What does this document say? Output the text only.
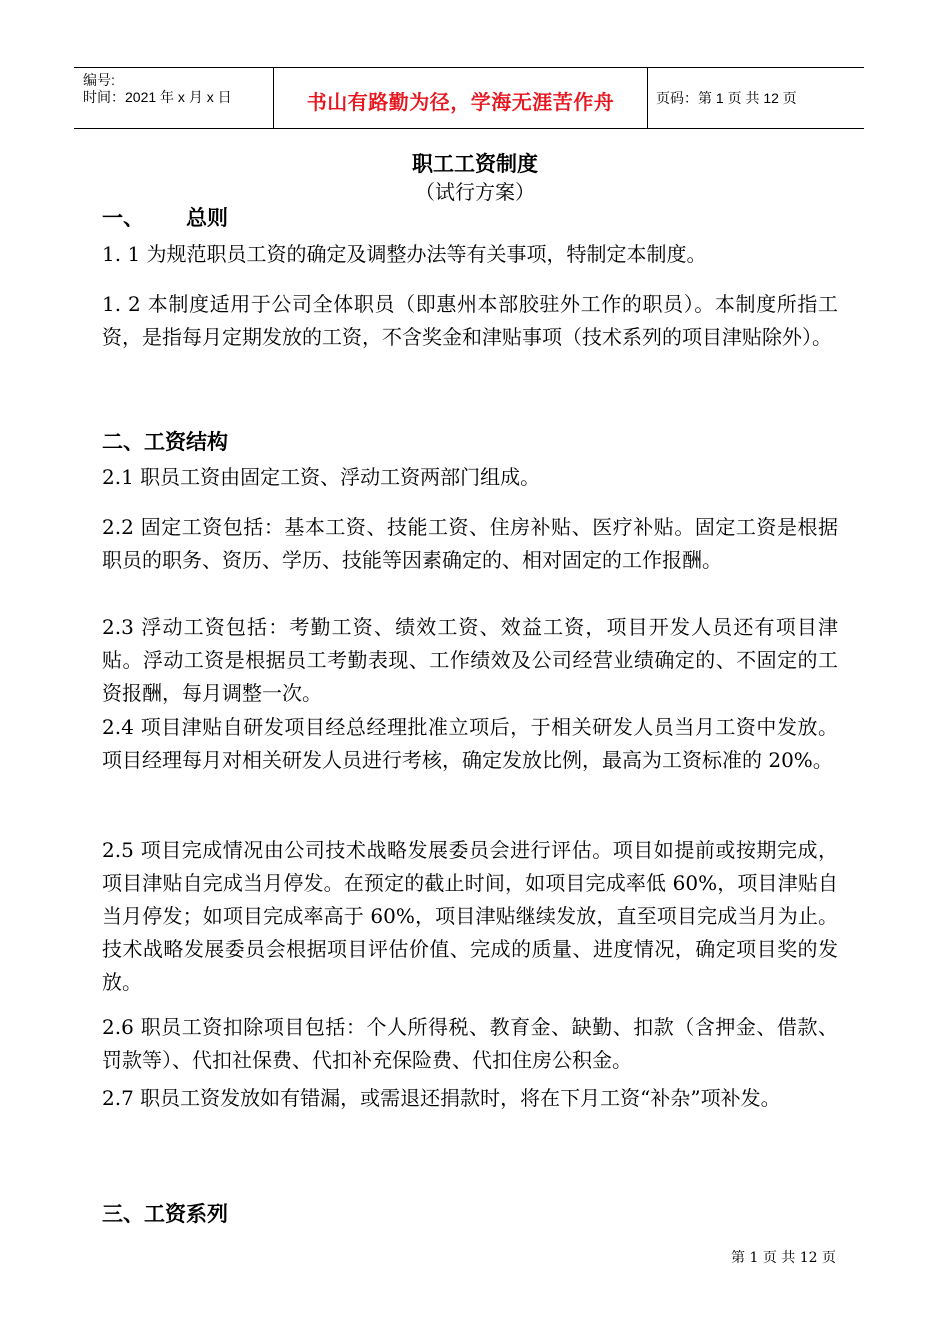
编号:
时间：2021 年 x 月 x 日	书山有路勤为径，学海无涯苦作舟	页码：第 1 页 共 12 页
职工工资制度
（试行方案）
一、 总则

1. 1 为规范职员工资的确定及调整办法等有关事项，特制定本制度。

1. 2 本制度适用于公司全体职员（即惠州本部胶驻外工作的职员）。本制度所指工资，是指每月定期发放的工资，不含奖金和津贴事项（技术系列的项目津贴除外）。

二、工资结构

2.1 职员工资由固定工资、浮动工资两部门组成。

2.2 固定工资包括：基本工资、技能工资、住房补贴、医疗补贴。固定工资是根据职员的职务、资历、学历、技能等因素确定的、相对固定的工作报酬。

2.3 浮动工资包括：考勤工资、绩效工资、效益工资，项目开发人员还有项目津贴。浮动工资是根据员工考勤表现、工作绩效及公司经营业绩确定的、不固定的工资报酬，每月调整一次。

2.4 项目津贴自研发项目经总经理批准立项后，于相关研发人员当月工资中发放。项目经理每月对相关研发人员进行考核，确定发放比例，最高为工资标准的 20%。

2.5 项目完成情况由公司技术战略发展委员会进行评估。项目如提前或按期完成，项目津贴自完成当月停发。在预定的截止时间，如项目完成率低 60%，项目津贴自当月停发；如项目完成率高于 60%，项目津贴继续发放，直至项目完成当月为止。技术战略发展委员会根据项目评估价值、完成的质量、进度情况，确定项目奖的发放。

2.6 职员工资扣除项目包括：个人所得税、教育金、缺勤、扣款（含押金、借款、罚款等）、代扣社保费、代扣补充保险费、代扣住房公积金。

2.7 职员工资发放如有错漏，或需退还捐款时，将在下月工资“补杂”项补发。

三、工资系列
第 1 页 共 12 页
